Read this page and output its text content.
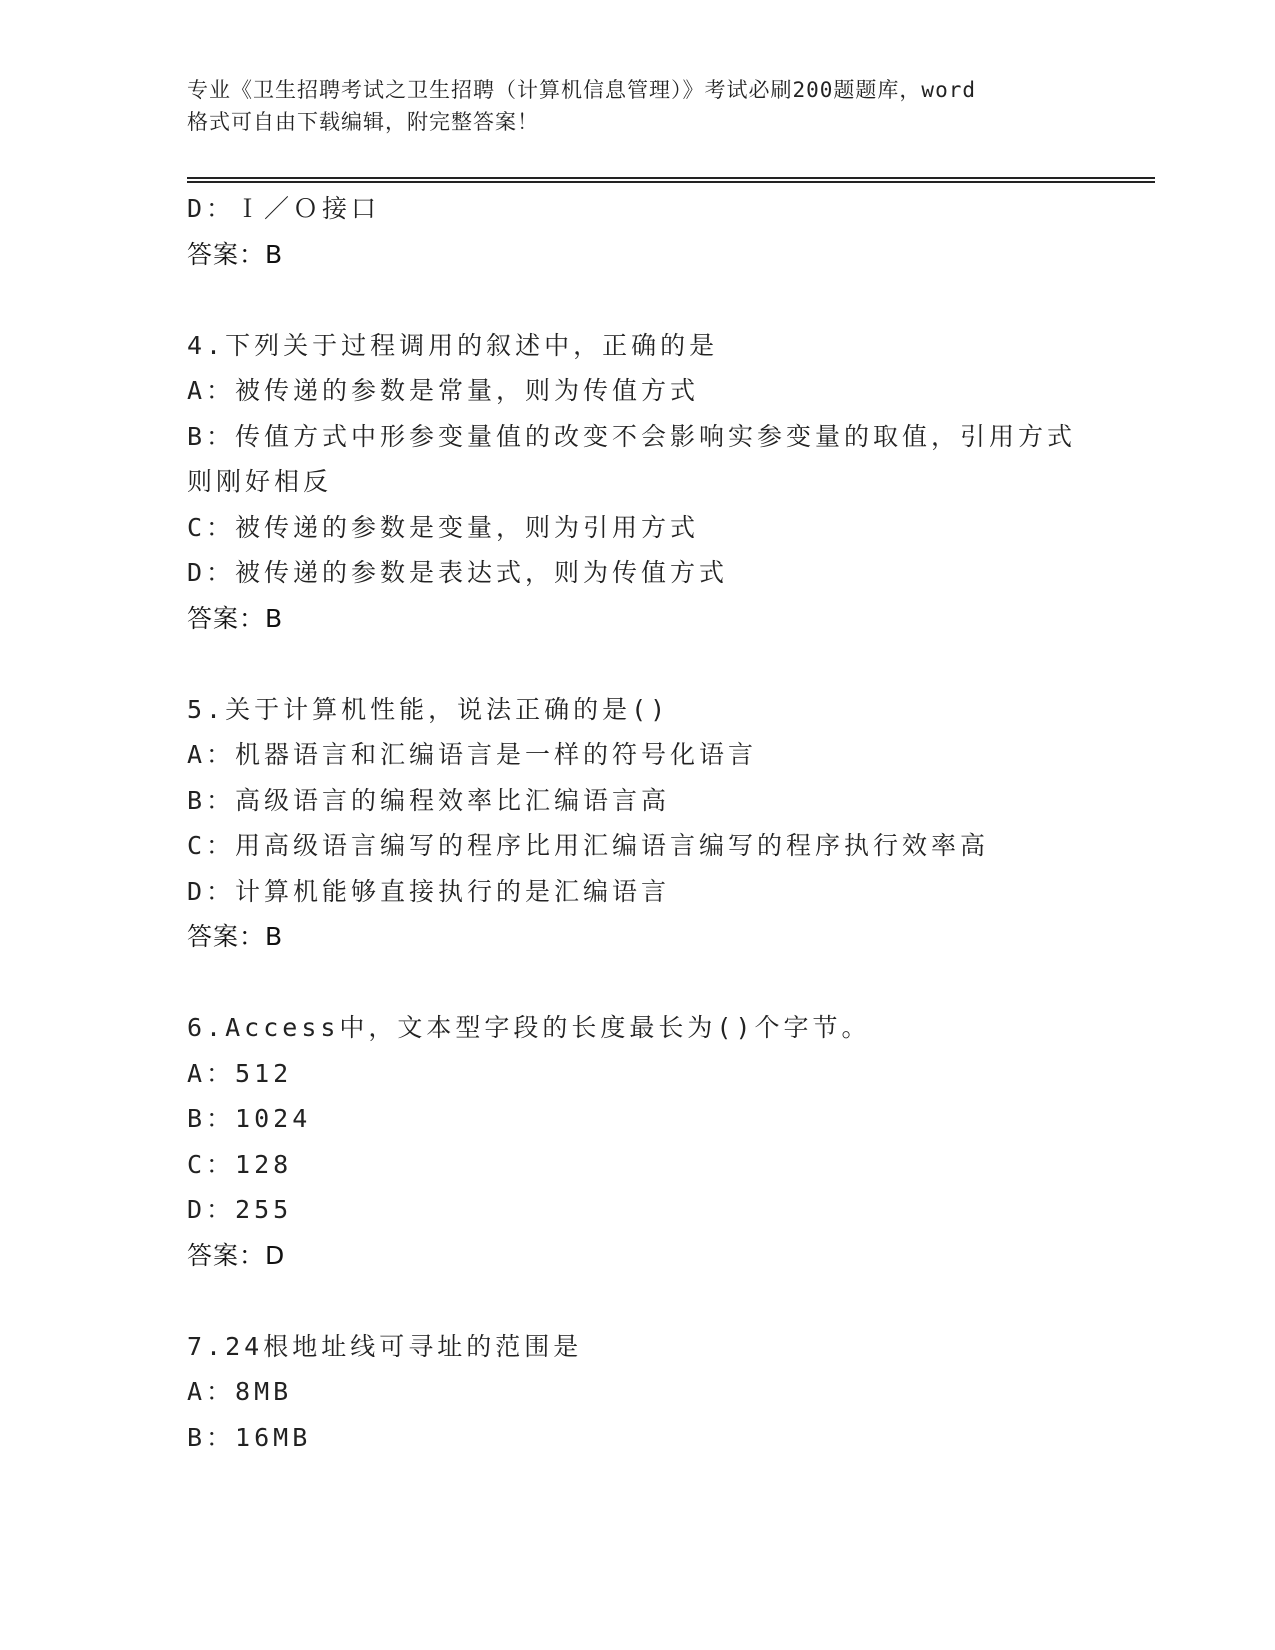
专业《卫生招聘考试之卫生招聘（计算机信息管理）》考试必刷200题题库，word
格式可自由下载编辑，附完整答案！
D：Ｉ／Ｏ接口
答案：B
4.下列关于过程调用的叙述中，正确的是
A：被传递的参数是常量，则为传值方式
B：传值方式中形参变量值的改变不会影响实参变量的取值，引用方式
则刚好相反
C：被传递的参数是变量，则为引用方式
D：被传递的参数是表达式，则为传值方式
答案：B
5.关于计算机性能，说法正确的是()
A：机器语言和汇编语言是一样的符号化语言
B：高级语言的编程效率比汇编语言高
C：用高级语言编写的程序比用汇编语言编写的程序执行效率高
D：计算机能够直接执行的是汇编语言
答案：B
6.Access中，文本型字段的长度最长为()个字节。
A：512
B：1024
C：128
D：255
答案：D
7.24根地址线可寻址的范围是
A：8MB
B：16MB
